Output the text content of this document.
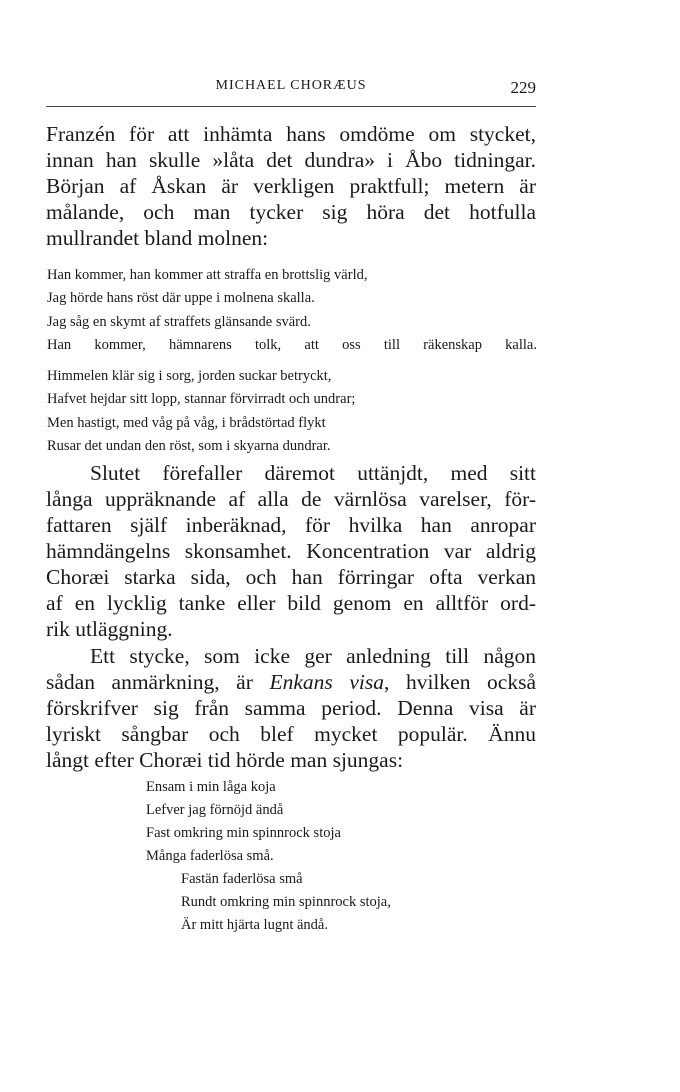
MICHAEL CHORÆUS	229
Franzén för att inhämta hans omdöme om stycket,
innan han skulle »låta det dundra» i Åbo tidningar.
Början af Åskan är verkligen praktfull; metern är
målande, och man tycker sig höra det hotfulla
mullrandet bland molnen:
Han kommer, han kommer att straffa en brottslig värld,
Jag hörde hans röst där uppe i molnena skalla.
Jag såg en skymt af straffets glänsande svärd.
Han kommer, hämnarens tolk, att oss till räkenskap kalla.
Himmelen klär sig i sorg, jorden suckar betryckt,
Hafvet hejdar sitt lopp, stannar förvirradt och undrar;
Men hastigt, med våg på våg, i brådstörtad flykt
Rusar det undan den röst, som i skyarna dundrar.
Slutet förefaller däremot uttänjdt, med sitt
långa uppräknande af alla de värnlösa varelser, för-
fattaren själf inberäknad, för hvilka han anropar
hämndängelns skonsamhet. Koncentration var aldrig
Choræi starka sida, och han förringar ofta verkan
af en lycklig tanke eller bild genom en alltför ord-
rik utläggning.
Ett stycke, som icke ger anledning till någon
sådan anmärkning, är Enkans visa, hvilken också
förskrifver sig från samma period. Denna visa är
lyriskt sångbar och blef mycket populär. Ännu
långt efter Choræi tid hörde man sjungas:
Ensam i min låga koja
Lefver jag förnöjd ändå
Fast omkring min spinnrock stoja
Många faderlösa små.
Fastän faderlösa små
Rundt omkring min spinnrock stoja,
Är mitt hjärta lugnt ändå.
